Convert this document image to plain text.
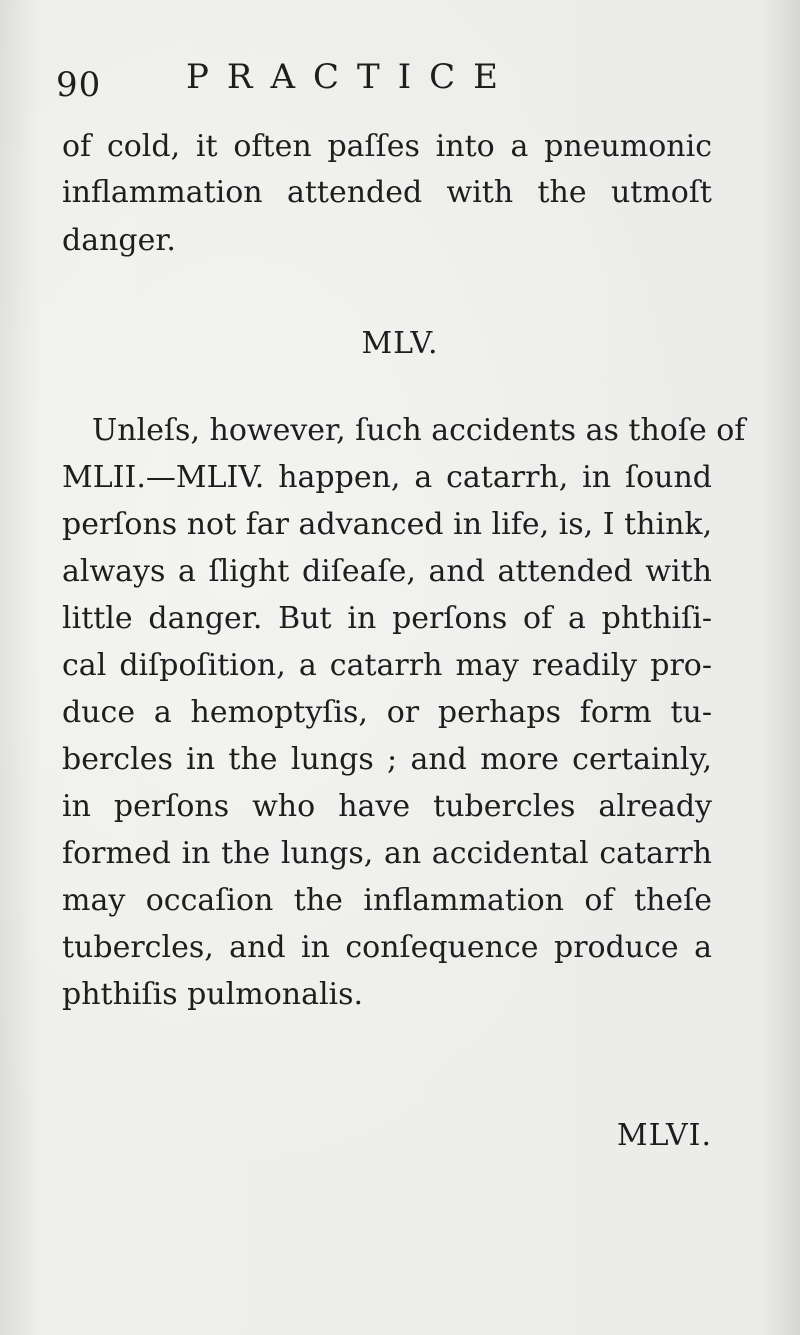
90 PRACTICE
of cold, it often paſſes into a pneumonic
inflammation attended with the utmoſt
danger.
MLV.
Unleſs, however, ſuch accidents as thoſe of
MLII.—MLIV. happen, a catarrh, in ſound
perſons not far advanced in life, is, I think,
always a ſlight diſeaſe, and attended with
little danger. But in perſons of a phthiſi-
cal diſpoſition, a catarrh may readily pro-
duce a hemoptyſis, or perhaps form tu-
bercles in the lungs ; and more certainly,
in perſons who have tubercles already
formed in the lungs, an accidental catarrh
may occaſion the inflammation of theſe
tubercles, and in conſequence produce a
phthiſis pulmonalis.
MLVI.
